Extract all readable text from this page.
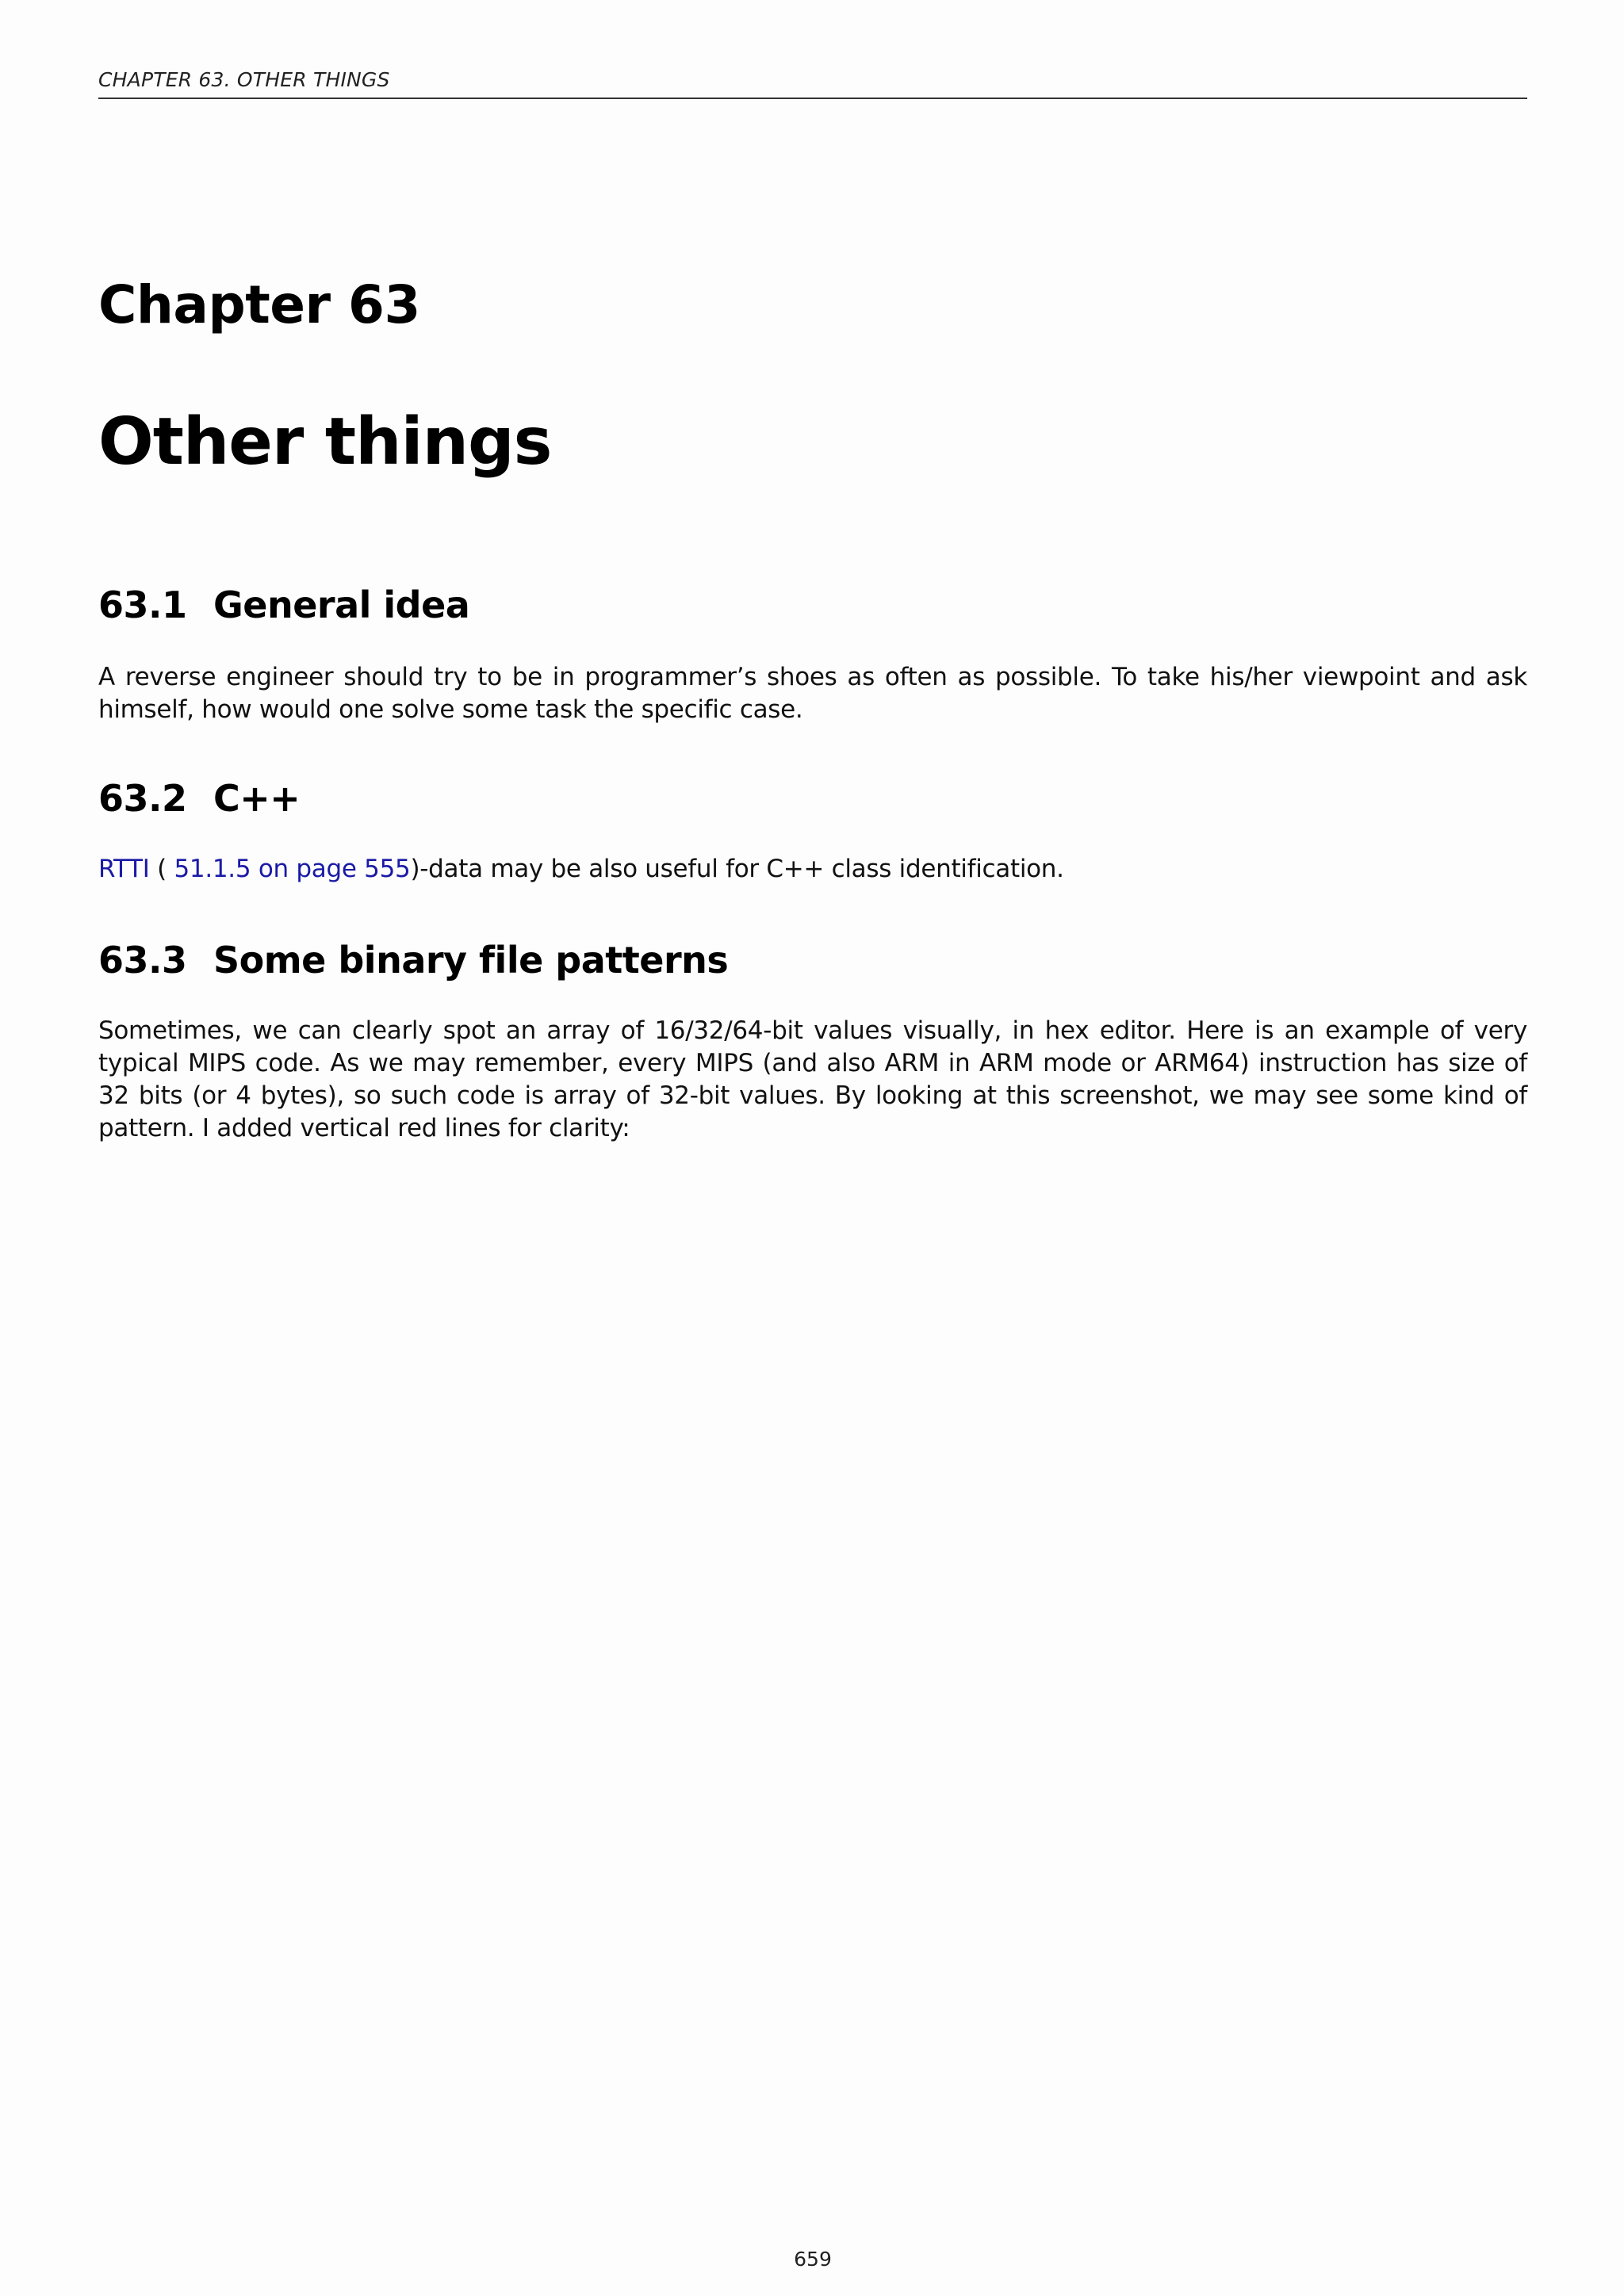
CHAPTER 63. OTHER THINGS
Chapter 63
Other things
63.1 General idea
A reverse engineer should try to be in programmer’s shoes as often as possible. To take his/her viewpoint and ask himself, how would one solve some task the specific case.
63.2 C++
RTTI ( 51.1.5 on page 555)-data may be also useful for C++ class identification.
63.3 Some binary file patterns
Sometimes, we can clearly spot an array of 16/32/64-bit values visually, in hex editor. Here is an example of very typical MIPS code. As we may remember, every MIPS (and also ARM in ARM mode or ARM64) instruction has size of 32 bits (or 4 bytes), so such code is array of 32-bit values. By looking at this screenshot, we may see some kind of pattern. I added vertical red lines for clarity:
659
